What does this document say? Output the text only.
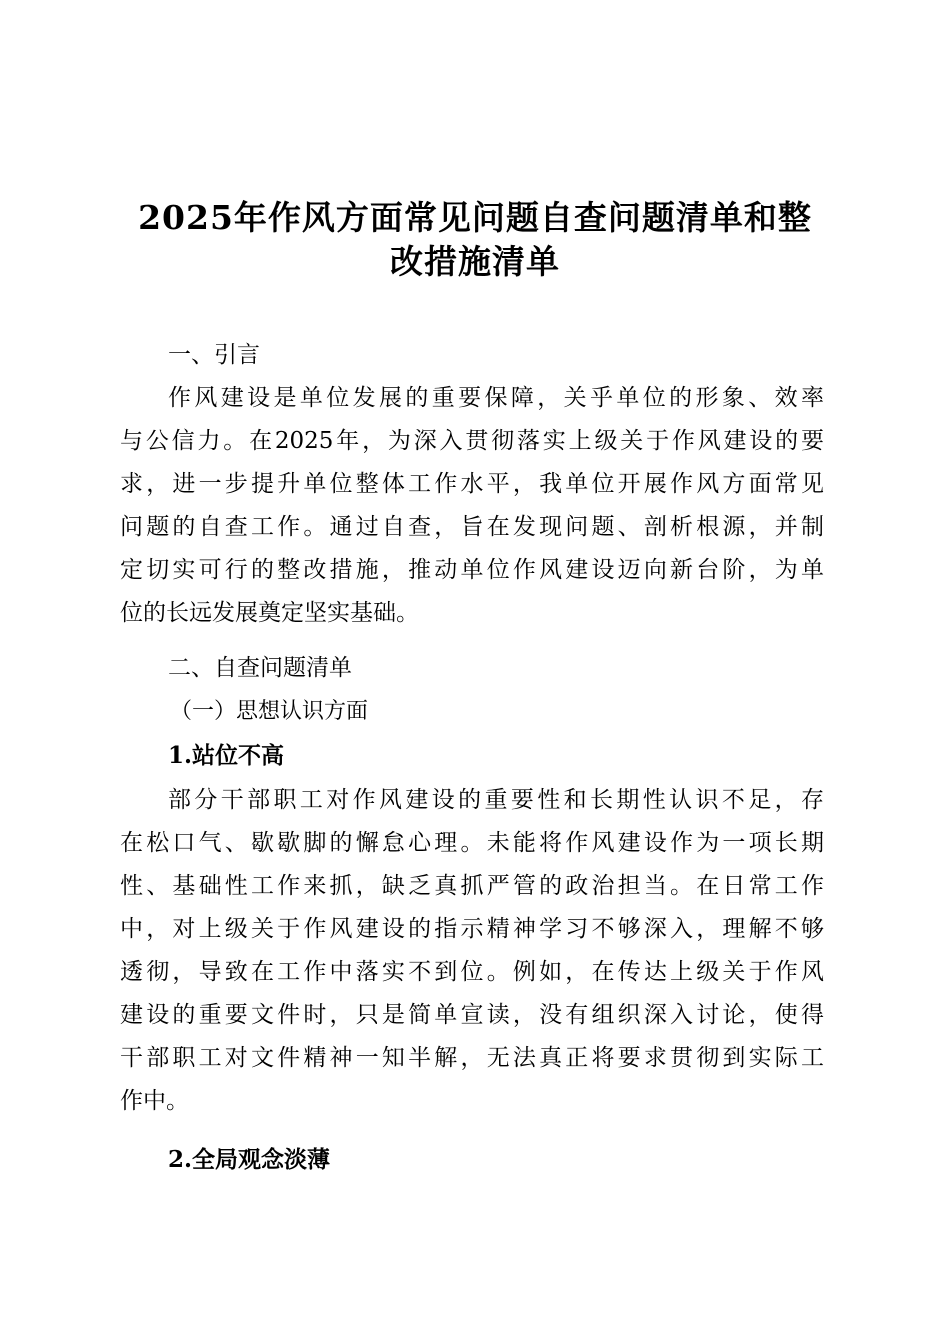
2025年作风方面常见问题自查问题清单和整
改措施清单
一、引言
作风建设是单位发展的重要保障，关乎单位的形象、效率
与公信力。在2025年，为深入贯彻落实上级关于作风建设的要
求，进一步提升单位整体工作水平，我单位开展作风方面常见
问题的自查工作。通过自查，旨在发现问题、剖析根源，并制
定切实可行的整改措施，推动单位作风建设迈向新台阶，为单
位的长远发展奠定坚实基础。
二、自查问题清单
（一）思想认识方面
1.站位不高
部分干部职工对作风建设的重要性和长期性认识不足，存
在松口气、歇歇脚的懈怠心理。未能将作风建设作为一项长期
性、基础性工作来抓，缺乏真抓严管的政治担当。在日常工作
中，对上级关于作风建设的指示精神学习不够深入，理解不够
透彻，导致在工作中落实不到位。例如，在传达上级关于作风
建设的重要文件时，只是简单宣读，没有组织深入讨论，使得
干部职工对文件精神一知半解，无法真正将要求贯彻到实际工
作中。
2.全局观念淡薄
